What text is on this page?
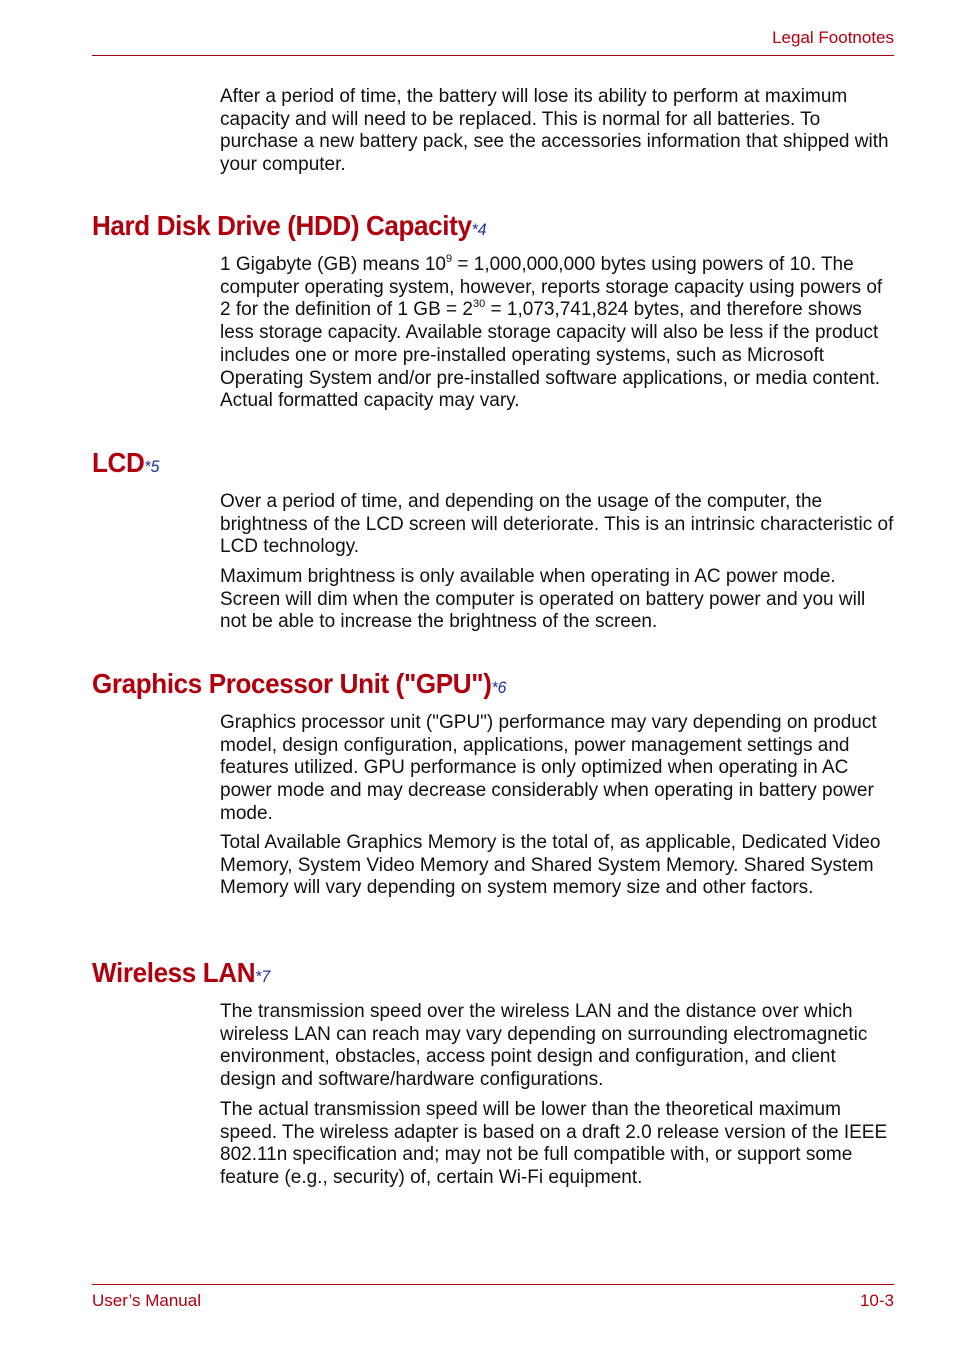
Legal Footnotes

After a period of time, the battery will lose its ability to perform at maximum capacity and will need to be replaced. This is normal for all batteries. To purchase a new battery pack, see the accessories information that shipped with your computer.

Hard Disk Drive (HDD) Capacity*4

1 Gigabyte (GB) means $10^9 = 1,000,000,000$ bytes using powers of 10. The computer operating system, however, reports storage capacity using powers of 2 for the definition of 1 GB = $2^{30} = 1,073,741,824$ bytes, and therefore shows less storage capacity. Available storage capacity will also be less if the product includes one or more pre-installed operating systems, such as Microsoft Operating System and/or pre-installed software applications, or media content. Actual formatted capacity may vary.

LCD*5

Over a period of time, and depending on the usage of the computer, the brightness of the LCD screen will deteriorate. This is an intrinsic characteristic of LCD technology.

Maximum brightness is only available when operating in AC power mode. Screen will dim when the computer is operated on battery power and you will not be able to increase the brightness of the screen.

Graphics Processor Unit ("GPU")*6

Graphics processor unit ("GPU") performance may vary depending on product model, design configuration, applications, power management settings and features utilized. GPU performance is only optimized when operating in AC power mode and may decrease considerably when operating in battery power mode.

Total Available Graphics Memory is the total of, as applicable, Dedicated Video Memory, System Video Memory and Shared System Memory. Shared System Memory will vary depending on system memory size and other factors.

Wireless LAN*7

The transmission speed over the wireless LAN and the distance over which wireless LAN can reach may vary depending on surrounding electromagnetic environment, obstacles, access point design and configuration, and client design and software/hardware configurations.

The actual transmission speed will be lower than the theoretical maximum speed. The wireless adapter is based on a draft 2.0 release version of the IEEE 802.11n specification and; may not be full compatible with, or support some feature (e.g., security) of, certain Wi-Fi equipment.

User’s Manual	10-3
